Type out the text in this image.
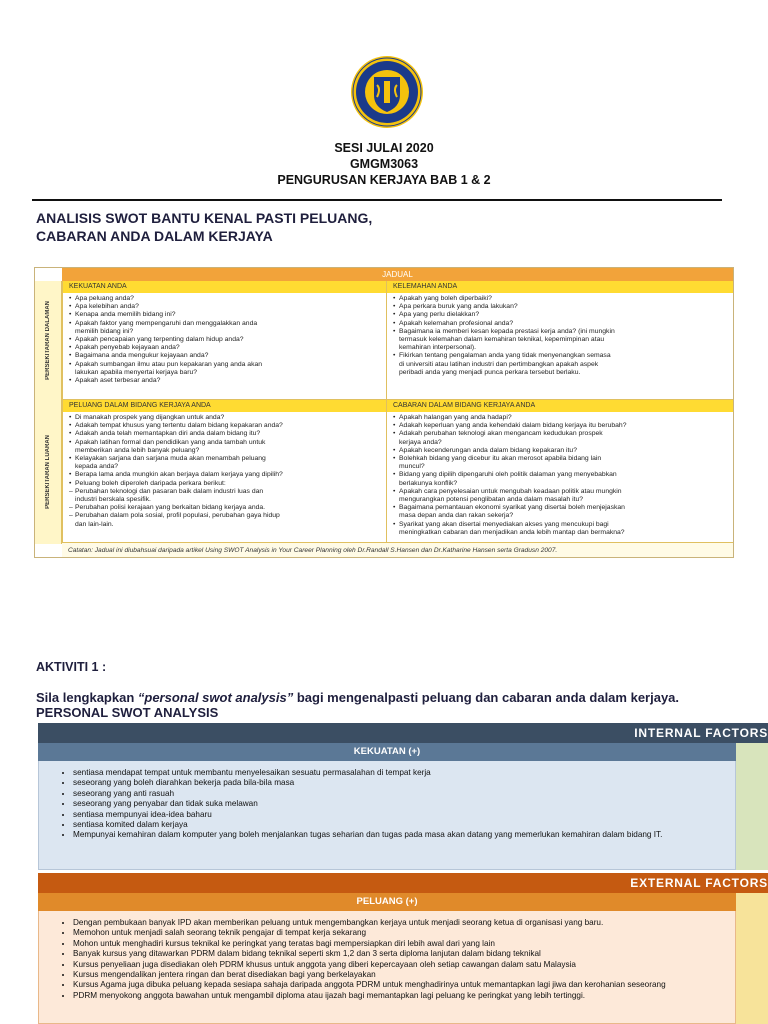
SESI JULAI 2020
GMGM3063
PENGURUSAN KERJAYA BAB 1 & 2
ANALISIS SWOT BANTU KENAL PASTI PELUANG,
CABARAN ANDA DALAM KERJAYA
JADUAL
PERSEKITARAN DALAMAN
PERSEKITARAN LUARAN
KEKUATAN ANDA
• Apa peluang anda?
• Apa kelebihan anda?
• Kenapa anda memilih bidang ini?
• Apakah faktor yang mempengaruhi dan menggalakkan anda
memilih bidang ini?
• Apakah pencapaian yang terpenting dalam hidup anda?
• Apakah penyebab kejayaan anda?
• Bagaimana anda mengukur kejayaan anda?
• Apakah sumbangan ilmu atau pun kepakaran yang anda akan
lakukan apabila menyertai kerjaya baru?
• Apakah aset terbesar anda?
KELEMAHAN ANDA
• Apakah yang boleh diperbaiki?
• Apa perkara buruk yang anda lakukan?
• Apa yang perlu dielakkan?
• Apakah kelemahan profesional anda?
• Bagaimana ia memberi kesan kepada prestasi kerja anda? (ini mungkin
termasuk kelemahan dalam kemahiran teknikal, kepemimpinan atau
kemahiran interpersonal).
• Fikirkan tentang pengalaman anda yang tidak menyenangkan semasa
di universiti atau latihan industri dan pertimbangkan apakah aspek
peribadi anda yang menjadi punca perkara tersebut berlaku.
PELUANG DALAM BIDANG KERJAYA ANDA
• Di manakah prospek yang dijangkan untuk anda?
• Adakah tempat khusus yang tertentu dalam bidang kepakaran anda?
• Adakah anda telah memantapkan diri anda dalam bidang itu?
• Apakah latihan formal dan pendidikan yang anda tambah untuk
memberikan anda lebih banyak peluang?
• Kelayakan sarjana dan sarjana muda akan menambah peluang
kepada anda?
• Berapa lama anda mungkin akan berjaya dalam kerjaya yang dipilih?
• Peluang boleh diperoleh daripada perkara berikut:
– Perubahan teknologi dan pasaran baik dalam industri luas dan
industri berskala spesifik.
– Perubahan polisi kerajaan yang berkaitan bidang kerjaya anda.
– Perubahan dalam pola sosial, profil populasi, perubahan gaya hidup
dan lain-lain.
CABARAN DALAM BIDANG KERJAYA ANDA
• Apakah halangan yang anda hadapi?
• Adakah keperluan yang anda kehendaki dalam bidang kerjaya itu berubah?
• Adakah perubahan teknologi akan mengancam kedudukan prospek
kerjaya anda?
• Apakah kecenderungan anda dalam bidang kepakaran itu?
• Bolehkah bidang yang dicebur itu akan merosot apabila bidang lain
muncul?
• Bidang yang dipilih dipengaruhi oleh politik dalaman yang menyebabkan
berlakunya konflik?
• Apakah cara penyelesaian untuk mengubah keadaan politik atau mungkin
mengurangkan potensi penglibatan anda dalam masalah itu?
• Bagaimana pemantauan ekonomi syarikat yang disertai boleh menjejaskan
masa depan anda dan rakan sekerja?
• Syarikat yang akan disertai menyediakan akses yang mencukupi bagi
meningkatkan cabaran dan menjadikan anda lebih mantap dan bermakna?
Catatan: Jadual ini diubahsuai daripada artikel Using SWOT Analysis in Your Career Planning oleh Dr.Randall S.Hansen dan Dr.Katharine Hansen serta Gradusn 2007.
AKTIVITI 1 :
Sila lengkapkan “personal swot analysis” bagi mengenalpasti peluang dan cabaran anda dalam kerjaya.
PERSONAL SWOT ANALYSIS
INTERNAL FACTORS
KEKUATAN (+)
• sentiasa mendapat tempat untuk membantu menyelesaikan sesuatu permasalahan di tempat kerja
• seseorang yang boleh diarahkan bekerja pada bila-bila masa
• seseorang yang anti rasuah
• seseorang yang penyabar dan tidak suka melawan
• sentiasa mempunyai idea-idea baharu
• sentiasa komited dalam kerjaya
• Mempunyai kemahiran dalam komputer yang boleh menjalankan tugas seharian dan tugas pada masa akan datang yang memerlukan kemahiran dalam bidang IT.
EXTERNAL FACTORS
PELUANG (+)
• Dengan pembukaan banyak IPD akan memberikan peluang untuk mengembangkan kerjaya untuk menjadi seorang ketua di organisasi yang baru.
• Memohon untuk menjadi salah seorang teknik pengajar di tempat kerja sekarang
• Mohon untuk menghadiri kursus teknikal ke peringkat yang teratas bagi mempersiapkan diri lebih awal dari yang lain
• Banyak kursus yang ditawarkan PDRM dalam bidang teknikal seperti skm 1,2 dan 3 serta diploma lanjutan dalam bidang teknikal
• Kursus penyeliaan juga disediakan oleh PDRM khusus untuk anggota yang diberi kepercayaan oleh setiap cawangan dalam satu Malaysia
• Kursus mengendalikan jentera ringan dan berat disediakan bagi yang berkelayakan
• Kursus Agama juga dibuka peluang kepada sesiapa sahaja daripada anggota PDRM untuk menghadirinya untuk memantapkan lagi jiwa dan kerohanian seseorang
• PDRM menyokong anggota bawahan untuk mengambil diploma atau ijazah bagi memantapkan lagi peluang ke peringkat yang lebih tertinggi.
